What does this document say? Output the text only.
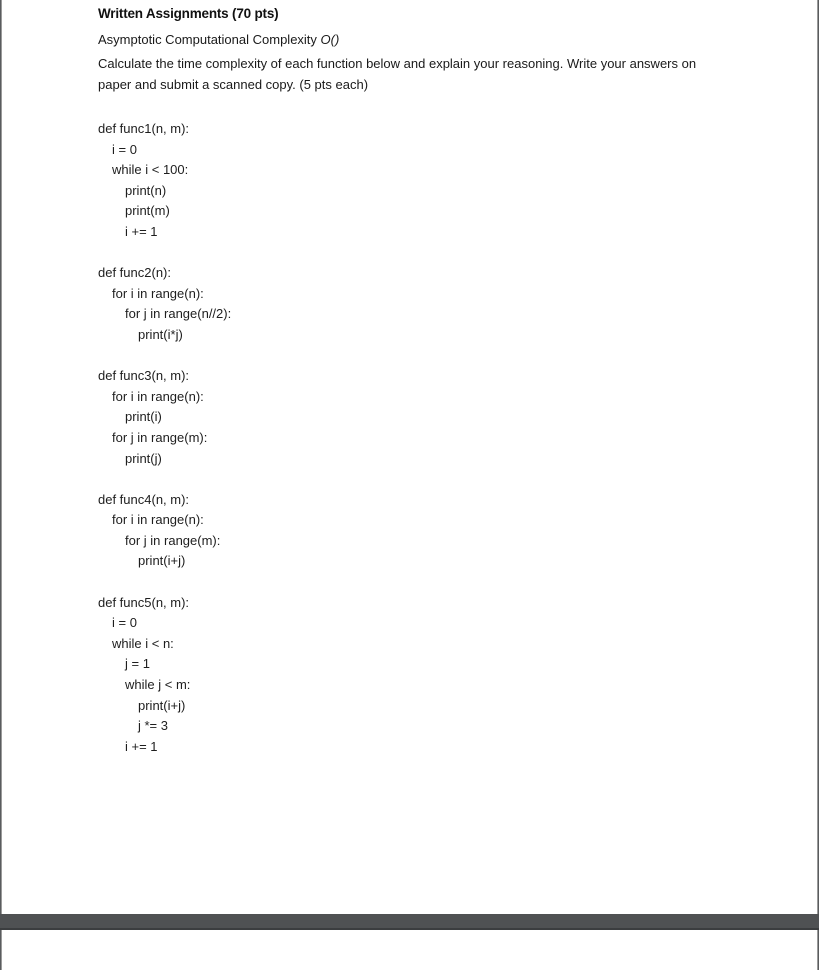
Written Assignments (70 pts)
Asymptotic Computational Complexity O()
Calculate the time complexity of each function below and explain your reasoning. Write your answers on
paper and submit a scanned copy. (5 pts each)
def func1(n, m):
i = 0
while i < 100:
print(n)
print(m)
i += 1
def func2(n):
for i in range(n):
for j in range(n//2):
print(i*j)
def func3(n, m):
for i in range(n):
print(i)
for j in range(m):
print(j)
def func4(n, m):
for i in range(n):
for j in range(m):
print(i+j)
def func5(n, m):
i = 0
while i < n:
j = 1
while j < m:
print(i+j)
j *= 3
i += 1
